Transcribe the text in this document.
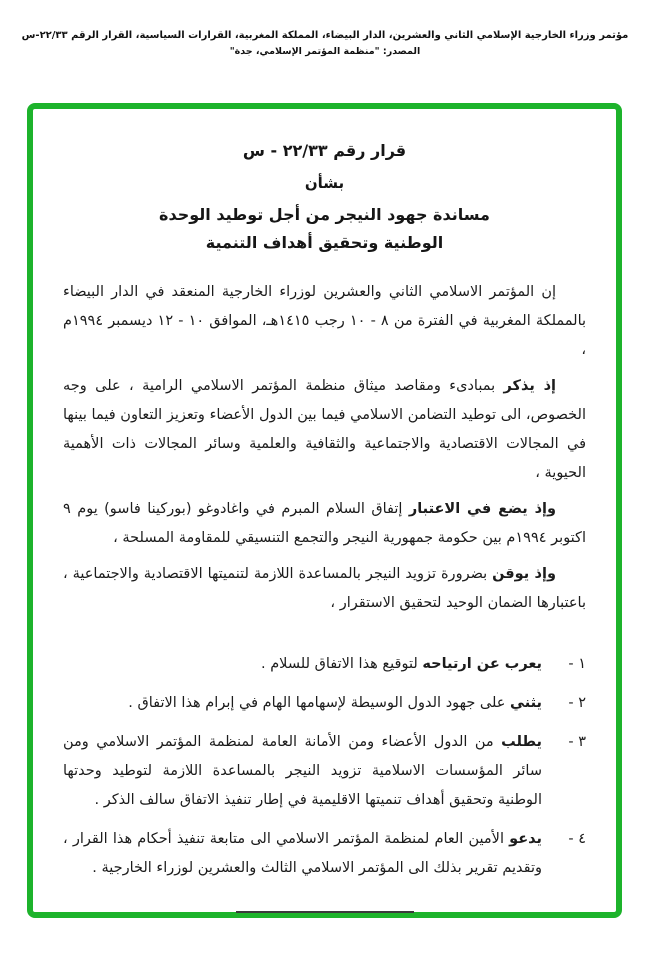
مؤتمر وزراء الخارجية الإسلامي الثاني والعشرين، الدار البيضاء، المملكة المغربية، القرارات السياسية، القرار الرقم ٢٢/٣٣-س
المصدر: "منظمة المؤتمر الإسلامي، جدة"
قرار رقم ٢٢/٣٣ - س
بشأن
مساندة جهود النيجر من أجل توطيد الوحدة
الوطنية وتحقيق أهداف التنمية

إن المؤتمر الاسلامي الثاني والعشرين لوزراء الخارجية المنعقد في الدار البيضاء بالمملكة المغربية في الفترة من ٨ - ١٠ رجب ١٤١٥هـ، الموافق ١٠ - ١٢ ديسمبر ١٩٩٤م ،

إذ يذكر بمبادىء ومقاصد ميثاق منظمة المؤتمر الاسلامي الرامية ، على وجه الخصوص، الى توطيد التضامن الاسلامي فيما بين الدول الأعضاء وتعزيز التعاون فيما بينها في المجالات الاقتصادية والاجتماعية والثقافية والعلمية وسائر المجالات ذات الأهمية الحيوية ،

وإذ يضع في الاعتبار إتفاق السلام المبرم في واغادوغو (بوركينا فاسو) يوم ٩ اكتوبر ١٩٩٤م بين حكومة جمهورية النيجر والتجمع التنسيقي للمقاومة المسلحة ،

وإذ يوقن بضرورة تزويد النيجر بالمساعدة اللازمة لتنميتها الاقتصادية والاجتماعية ، باعتبارها الضمان الوحيد لتحقيق الاستقرار ،

١ -
يعرب عن ارتياحه لتوقيع هذا الاتفاق للسلام .
٢ -
يثني على جهود الدول الوسيطة لإسهامها الهام في إبرام هذا الاتفاق .
٣ -
يطلب من الدول الأعضاء ومن الأمانة العامة لمنظمة المؤتمر الاسلامي ومن سائر المؤسسات الاسلامية تزويد النيجر بالمساعدة اللازمة لتوطيد وحدتها الوطنية وتحقيق أهداف تنميتها الاقليمية في إطار تنفيذ الاتفاق سالف الذكر .
٤ -
يدعو الأمين العام لمنظمة المؤتمر الاسلامي الى متابعة تنفيذ أحكام هذا القرار ، وتقديم تقرير بذلك الى المؤتمر الاسلامي الثالث والعشرين لوزراء الخارجية .
